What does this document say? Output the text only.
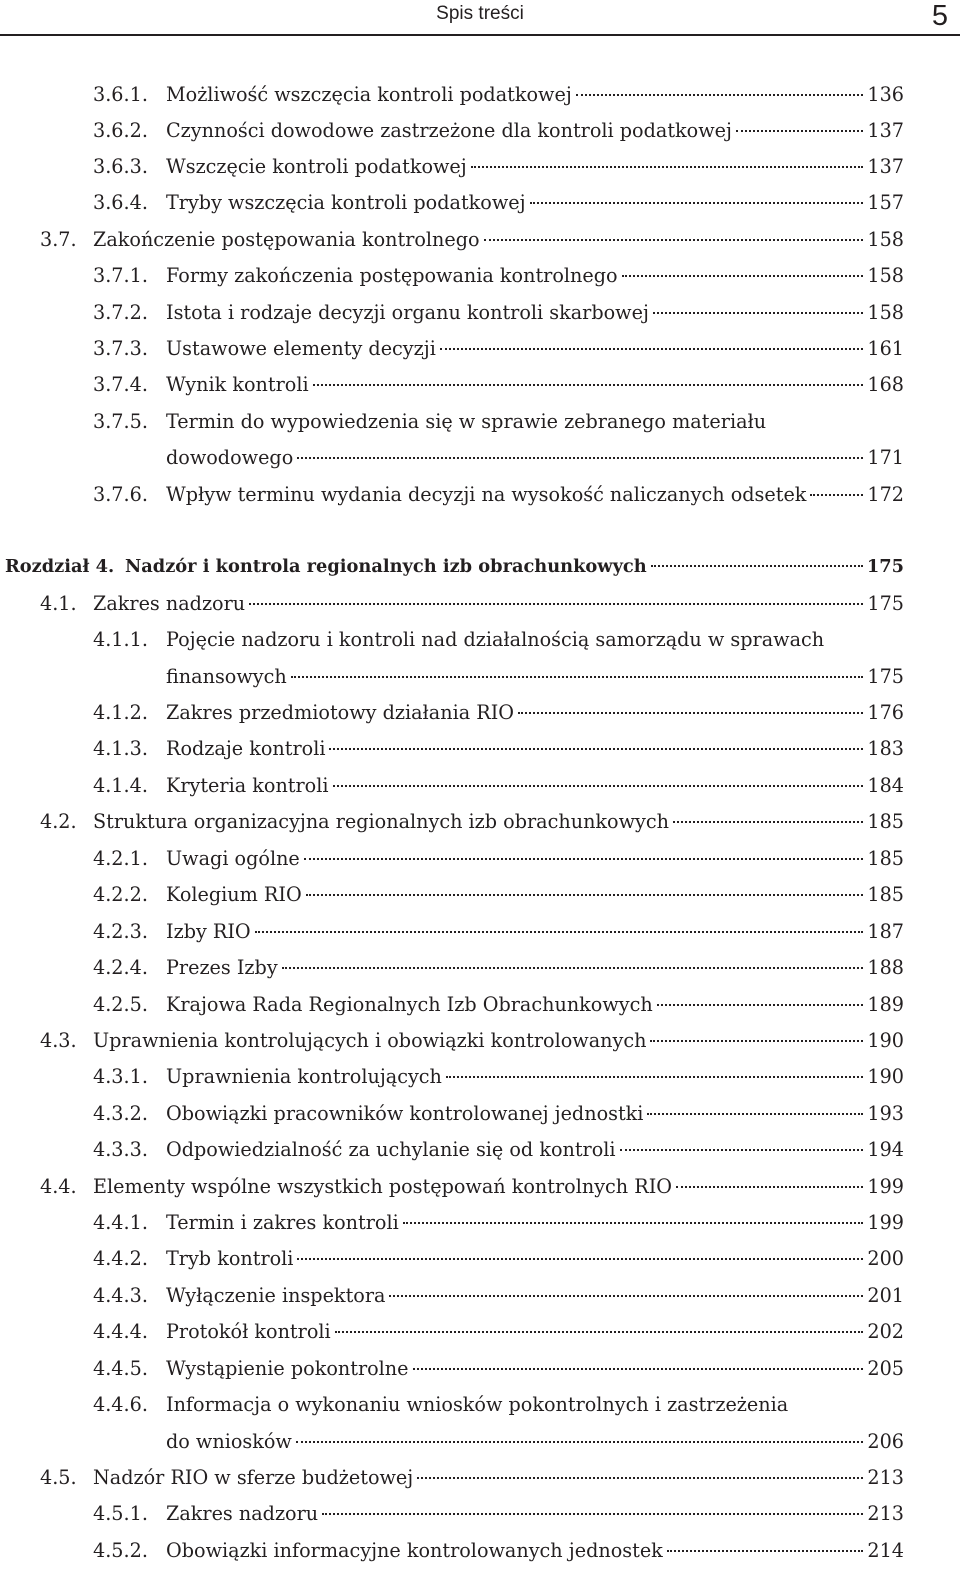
Spis treści	5
3.6.1. Możliwość wszczęcia kontroli podatkowej	136
3.6.2. Czynności dowodowe zastrzeżone dla kontroli podatkowej	137
3.6.3. Wszczęcie kontroli podatkowej	137
3.6.4. Tryby wszczęcia kontroli podatkowej	157
3.7. Zakończenie postępowania kontrolnego	158
3.7.1. Formy zakończenia postępowania kontrolnego	158
3.7.2. Istota i rodzaje decyzji organu kontroli skarbowej	158
3.7.3. Ustawowe elementy decyzji	161
3.7.4. Wynik kontroli	168
3.7.5. Termin do wypowiedzenia się w sprawie zebranego materiału
dowodowego	171
3.7.6. Wpływ terminu wydania decyzji na wysokość naliczanych odsetek	172
Rozdział 4. Nadzór i kontrola regionalnych izb obrachunkowych	175
4.1. Zakres nadzoru	175
4.1.1. Pojęcie nadzoru i kontroli nad działalnością samorządu w sprawach
finansowych	175
4.1.2. Zakres przedmiotowy działania RIO	176
4.1.3. Rodzaje kontroli	183
4.1.4. Kryteria kontroli	184
4.2. Struktura organizacyjna regionalnych izb obrachunkowych	185
4.2.1. Uwagi ogólne	185
4.2.2. Kolegium RIO	185
4.2.3. Izby RIO	187
4.2.4. Prezes Izby	188
4.2.5. Krajowa Rada Regionalnych Izb Obrachunkowych	189
4.3. Uprawnienia kontrolujących i obowiązki kontrolowanych	190
4.3.1. Uprawnienia kontrolujących	190
4.3.2. Obowiązki pracowników kontrolowanej jednostki	193
4.3.3. Odpowiedzialność za uchylanie się od kontroli	194
4.4. Elementy wspólne wszystkich postępowań kontrolnych RIO	199
4.4.1. Termin i zakres kontroli	199
4.4.2. Tryb kontroli	200
4.4.3. Wyłączenie inspektora	201
4.4.4. Protokół kontroli	202
4.4.5. Wystąpienie pokontrolne	205
4.4.6. Informacja o wykonaniu wniosków pokontrolnych i zastrzeżenia
do wniosków	206
4.5. Nadzór RIO w sferze budżetowej	213
4.5.1. Zakres nadzoru	213
4.5.2. Obowiązki informacyjne kontrolowanych jednostek	214
